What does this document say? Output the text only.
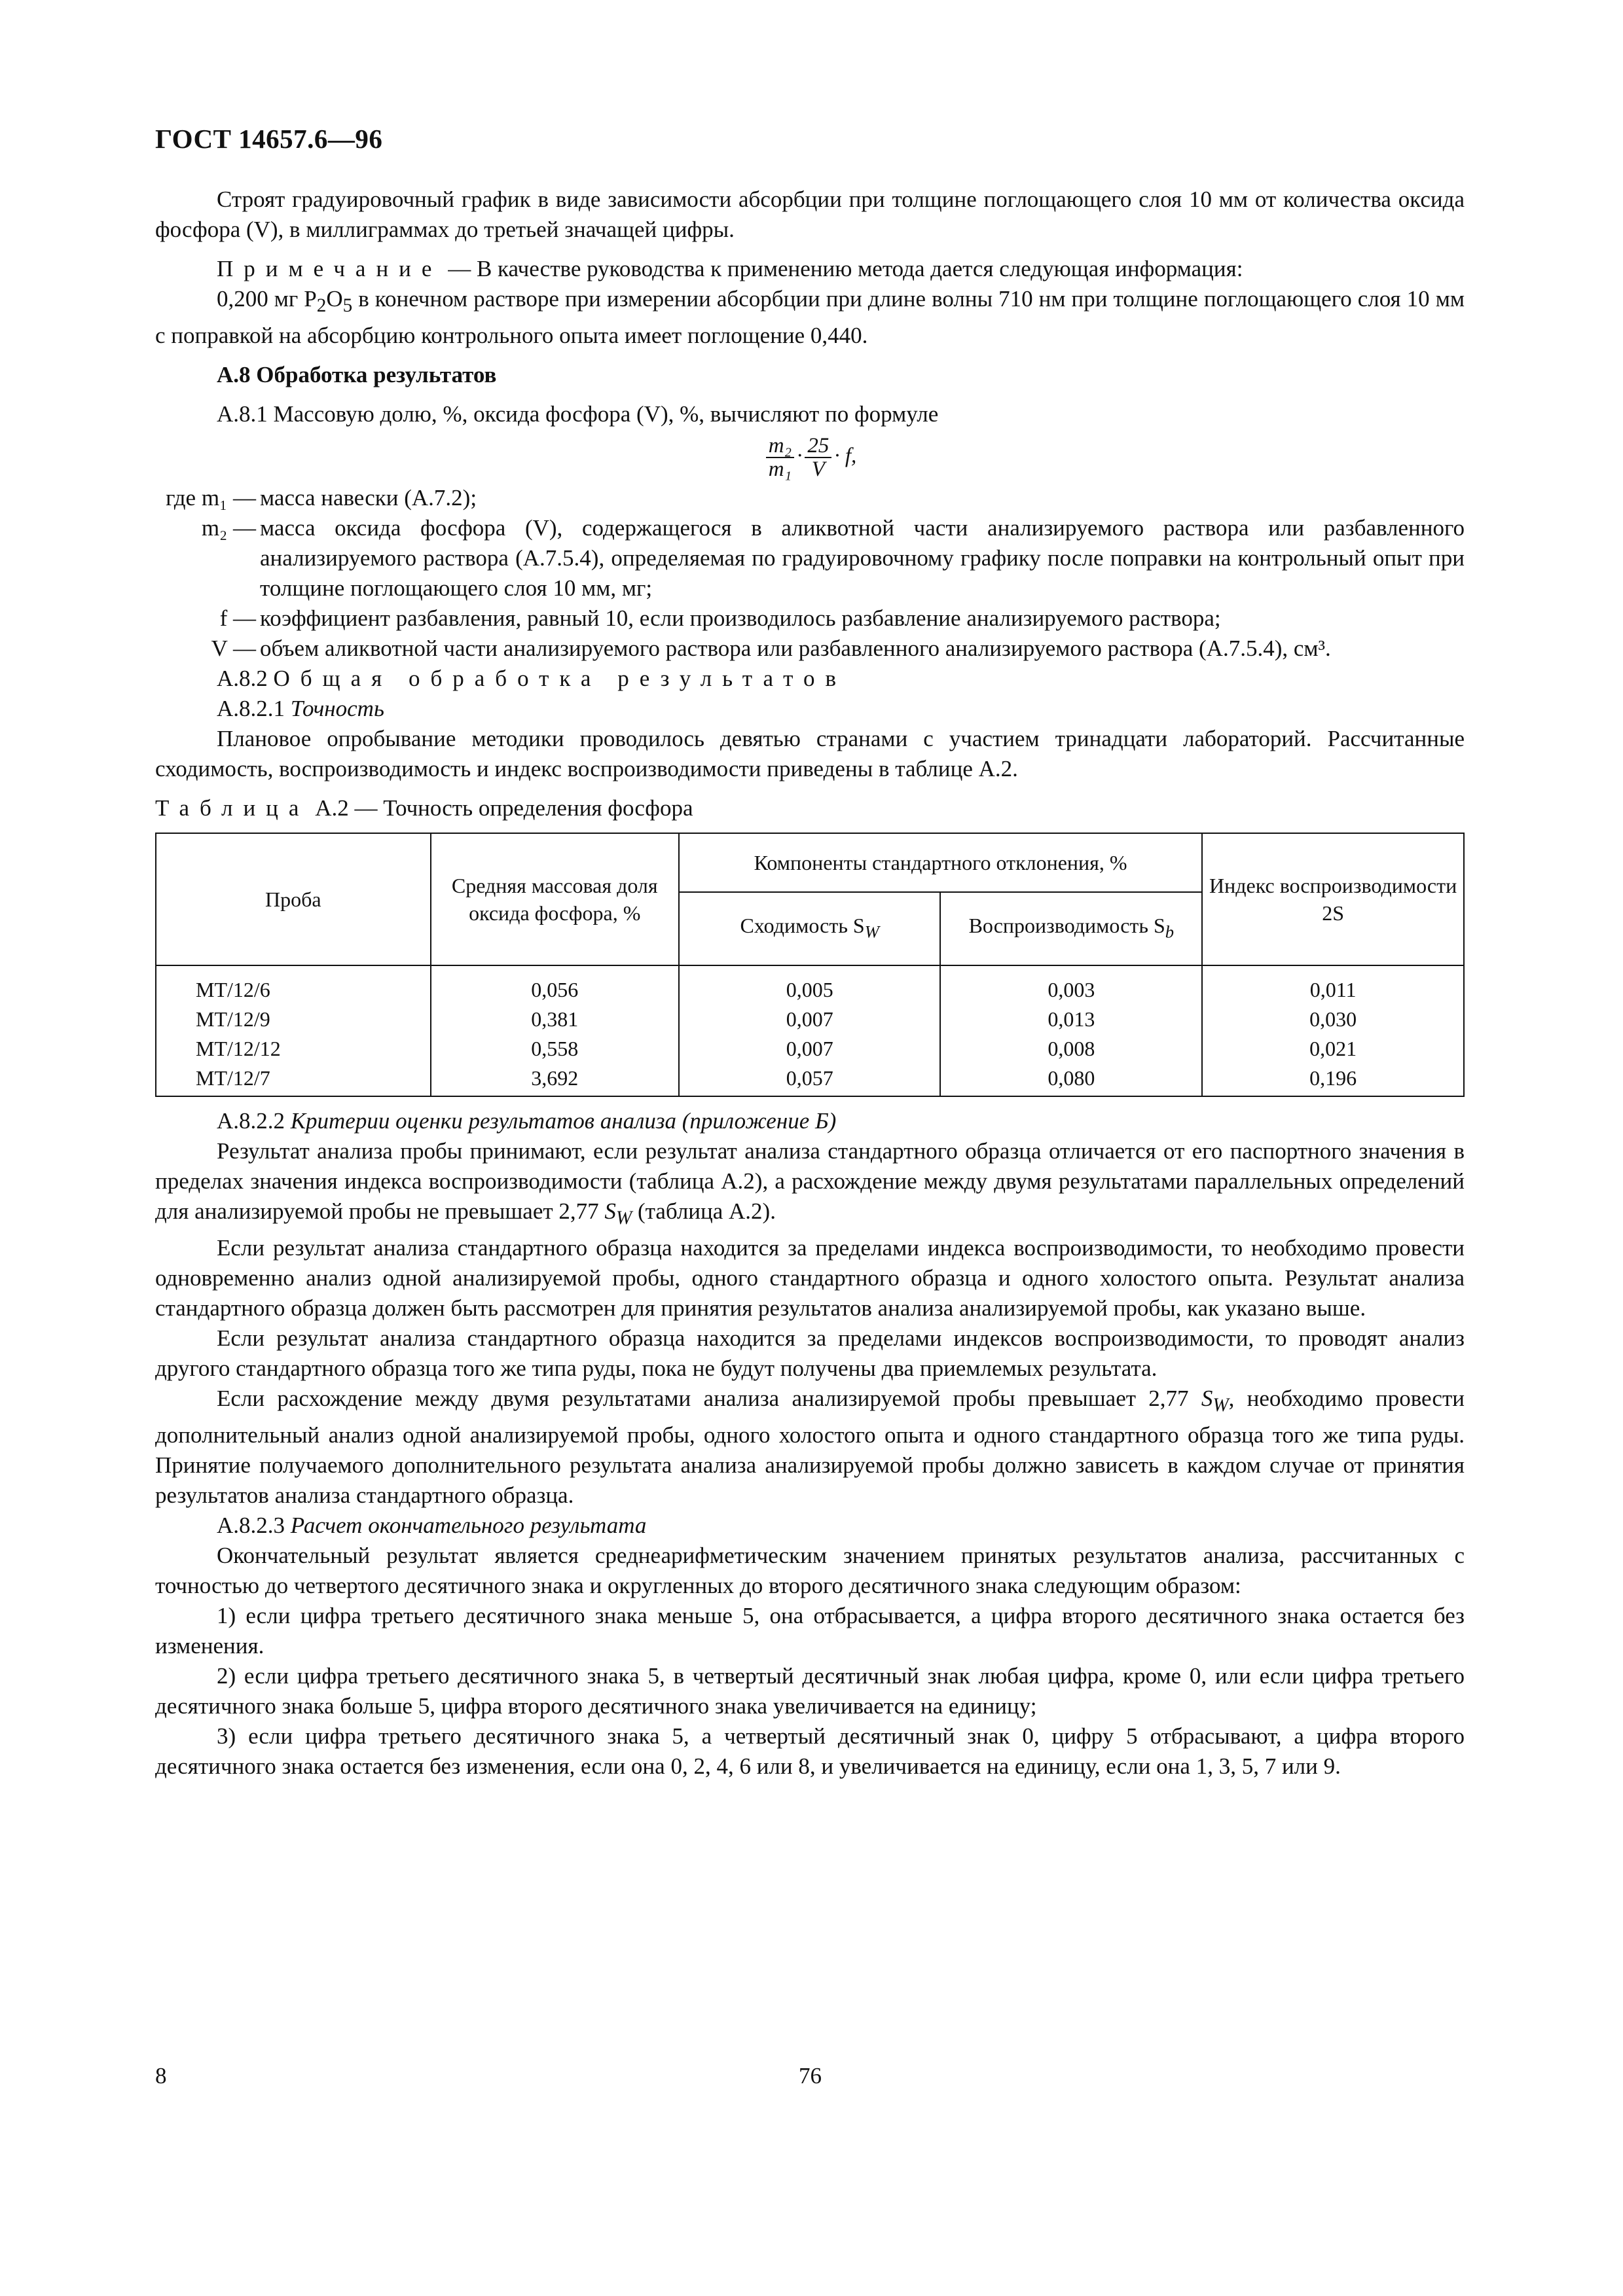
ГОСТ 14657.6—96

Строят градуировочный график в виде зависимости абсорбции при толщине поглощающего слоя 10 мм от количества оксида фосфора (V), в миллиграммах до третьей значащей цифры.

Примечание — В качестве руководства к применению метода дается следующая информация:

0,200 мг $P_2O_5$ в конечном растворе при измерении абсорбции при длине волны 710 нм при толщине поглощающего слоя 10 мм с поправкой на абсорбцию контрольного опыта имеет поглощение 0,440.

А.8 Обработка результатов

А.8.1 Массовую долю, %, оксида фосфора (V), %, вычисляют по формуле

$\frac{\text{m₂}}{\text{m₁}} \cdot \frac{25}{V} \cdot f$,
где m₁ — масса навески (А.7.2);
m₂ — масса оксида фосфора (V), содержащегося в аликвотной части анализируемого раствора или разбавленного анализируемого раствора (А.7.5.4), определяемая по градуировочному графику после поправки на контрольный опыт при толщине поглощающего слоя 10 мм, мг;
f — коэффициент разбавления, равный 10, если производилось разбавление анализируемого раствора;
V — объем аликвотной части анализируемого раствора или разбавленного анализируемого раствора (А.7.5.4), см³.

А.8.2 Общая обработка результатов

А.8.2.1 Точность

Плановое опробывание методики проводилось девятью странами с участием тринадцати лабораторий. Рассчитанные сходимость, воспроизводимость и индекс воспроизводимости приведены в таблице А.2.

Таблица А.2 — Точность определения фосфора

Проба	Средняя массовая доля оксида фосфора, %	Компоненты стандартного отклонения, %		Индекс воспроизводимости 2S
		Сходимость $S_W$	Воспроизводимость $S_b$
МТ/12/6	0,056	0,005	0,003	0,011
МТ/12/9	0,381	0,007	0,013	0,030
МТ/12/12	0,558	0,007	0,008	0,021
МТ/12/7	3,692	0,057	0,080	0,196

А.8.2.2 Критерии оценки результатов анализа (приложение Б)

Результат анализа пробы принимают, если результат анализа стандартного образца отличается от его паспортного значения в пределах значения индекса воспроизводимости (таблица А.2), а расхождение между двумя результатами параллельных определений для анализируемой пробы не превышает 2,77 $S_W$ (таблица А.2).

Если результат анализа стандартного образца находится за пределами индекса воспроизводимости, то необходимо провести одновременно анализ одной анализируемой пробы, одного стандартного образца и одного холостого опыта. Результат анализа стандартного образца должен быть рассмотрен для принятия результатов анализа анализируемой пробы, как указано выше.

Если результат анализа стандартного образца находится за пределами индексов воспроизводимости, то проводят анализ другого стандартного образца того же типа руды, пока не будут получены два приемлемых результата.

Если расхождение между двумя результатами анализа анализируемой пробы превышает 2,77 $S_W$, необходимо провести дополнительный анализ одной анализируемой пробы, одного холостого опыта и одного стандартного образца того же типа руды. Принятие получаемого дополнительного результата анализа анализируемой пробы должно зависеть в каждом случае от принятия результатов анализа стандартного образца.

А.8.2.3 Расчет окончательного результата

Окончательный результат является среднеарифметическим значением принятых результатов анализа, рассчитанных с точностью до четвертого десятичного знака и округленных до второго десятичного знака следующим образом:

1) если цифра третьего десятичного знака меньше 5, она отбрасывается, а цифра второго десятичного знака остается без изменения.

2) если цифра третьего десятичного знака 5, в четвертый десятичный знак любая цифра, кроме 0, или если цифра третьего десятичного знака больше 5, цифра второго десятичного знака увеличивается на единицу;

3) если цифра третьего десятичного знака 5, а четвертый десятичный знак 0, цифру 5 отбрасывают, а цифра второго десятичного знака остается без изменения, если она 0, 2, 4, 6 или 8, и увеличивается на единицу, если она 1, 3, 5, 7 или 9.

8	76
